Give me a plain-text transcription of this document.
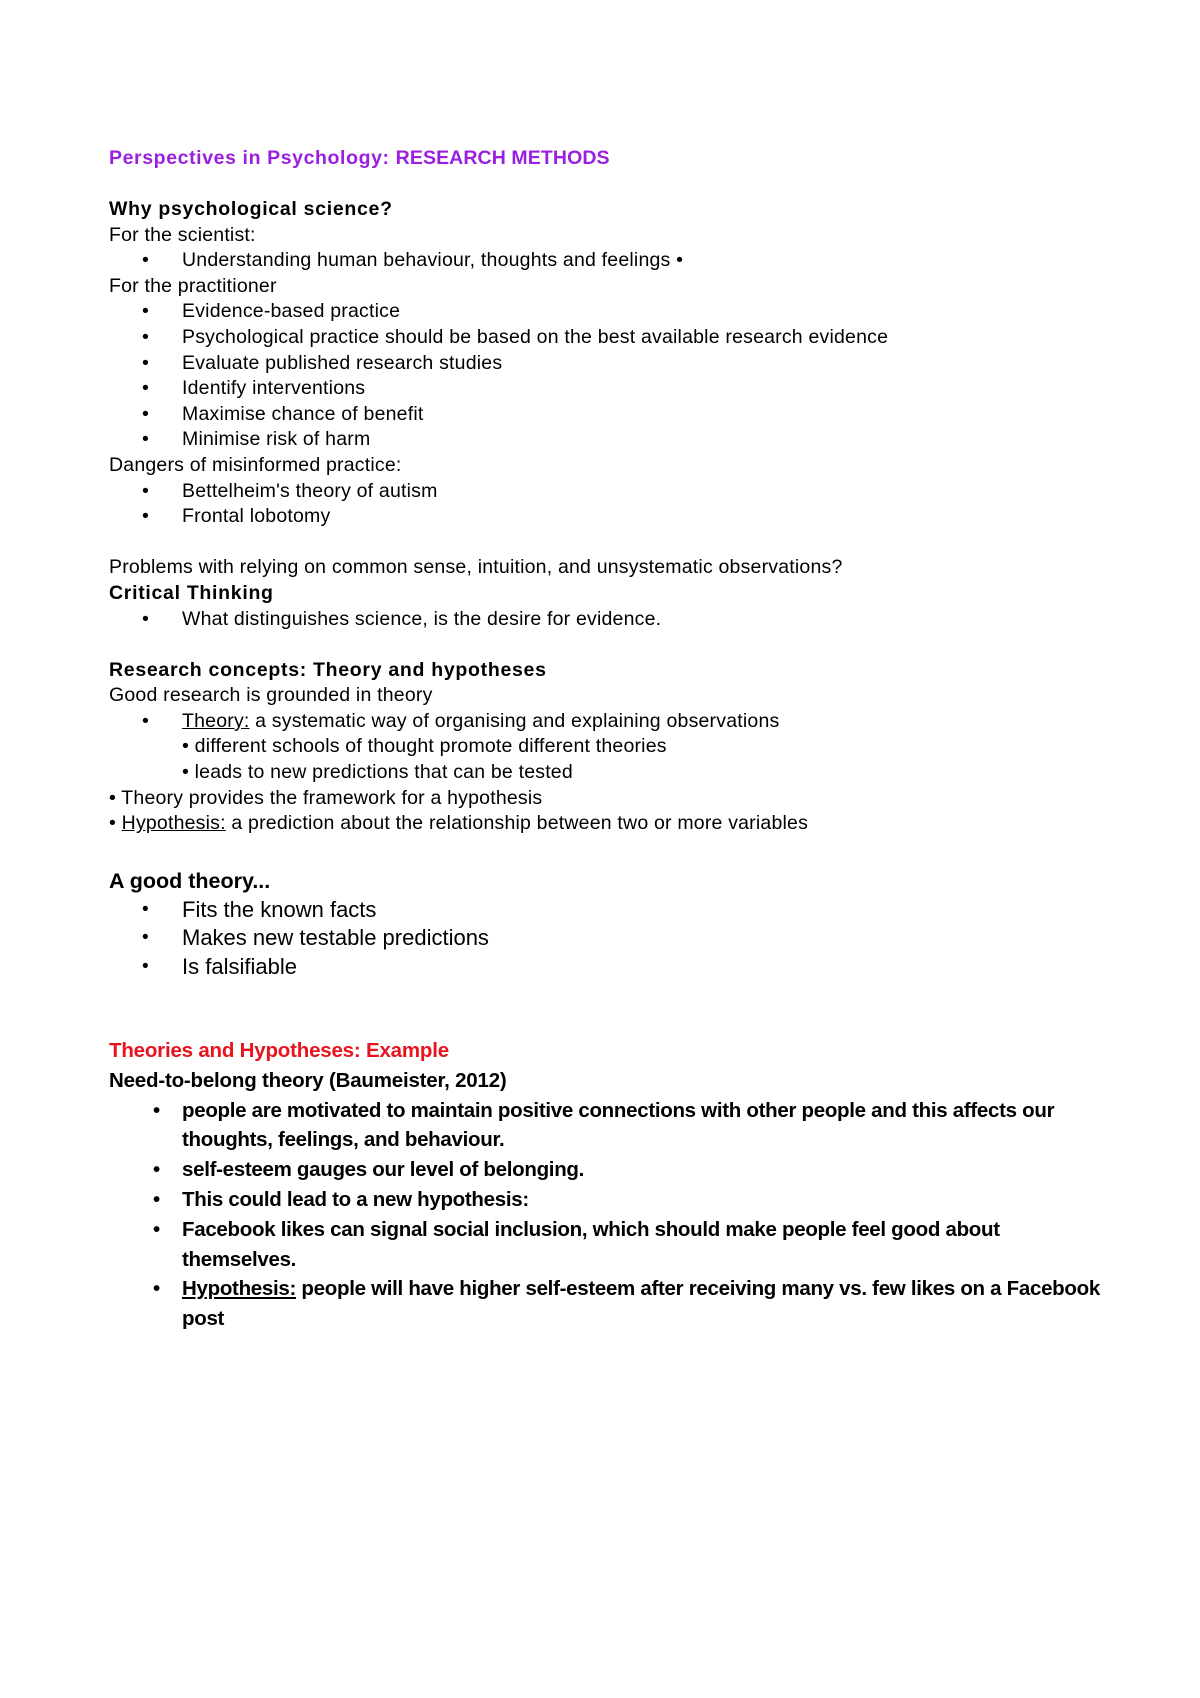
Perspectives in Psychology: RESEARCH METHODS
Why psychological science?
For the scientist:
• Understanding human behaviour, thoughts and feelings •
For the practitioner
• Evidence-based practice
• Psychological practice should be based on the best available research evidence
• Evaluate published research studies
• Identify interventions
• Maximise chance of benefit
• Minimise risk of harm
Dangers of misinformed practice:
• Bettelheim's theory of autism
• Frontal lobotomy
Problems with relying on common sense, intuition, and unsystematic observations?
Critical Thinking
• What distinguishes science, is the desire for evidence.
Research concepts: Theory and hypotheses
Good research is grounded in theory
• Theory: a systematic way of organising and explaining observations
• different schools of thought promote different theories
• leads to new predictions that can be tested
• Theory provides the framework for a hypothesis
• Hypothesis: a prediction about the relationship between two or more variables
A good theory...
• Fits the known facts
• Makes new testable predictions
• Is falsifiable
Theories and Hypotheses: Example
Need-to-belong theory (Baumeister, 2012)
• people are motivated to maintain positive connections with other people and this affects our thoughts, feelings, and behaviour.
• self-esteem gauges our level of belonging.
• This could lead to a new hypothesis:
• Facebook likes can signal social inclusion, which should make people feel good about themselves.
• Hypothesis: people will have higher self-esteem after receiving many vs. few likes on a Facebook post
